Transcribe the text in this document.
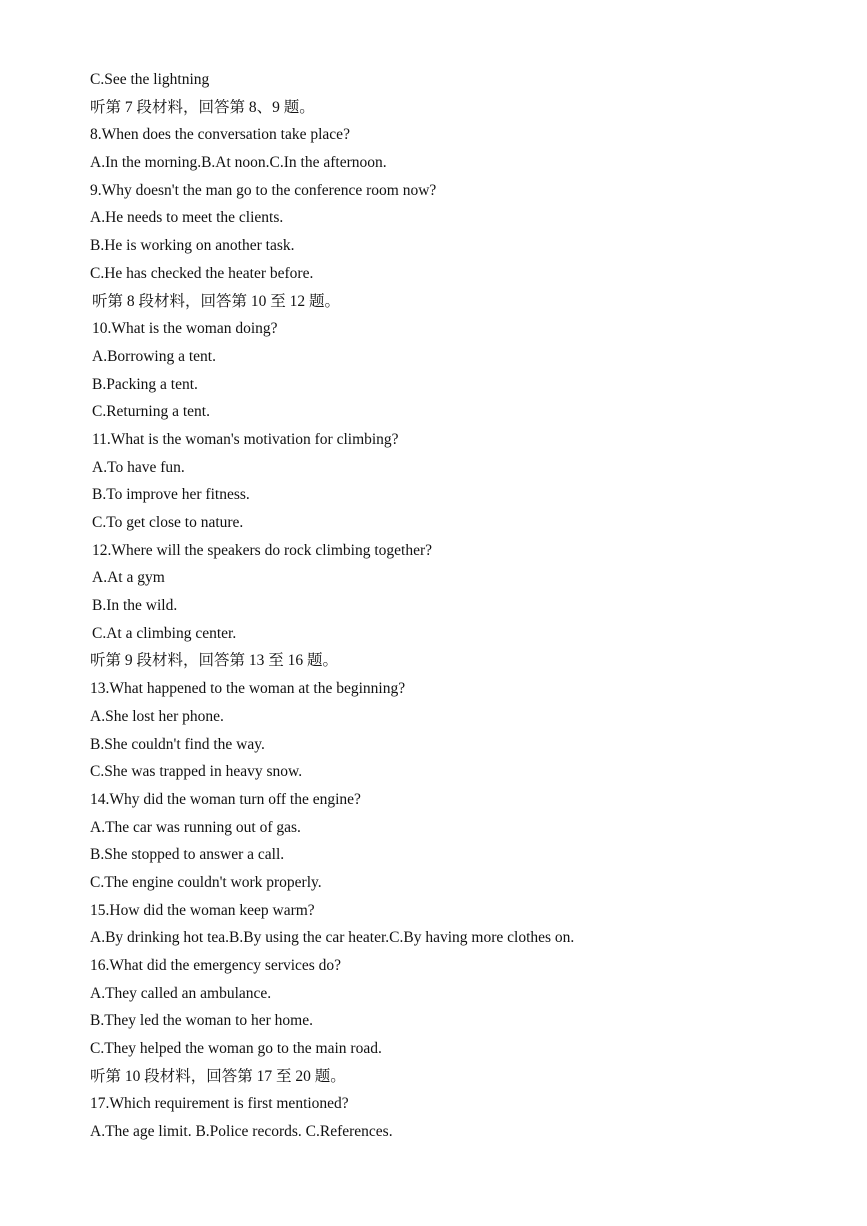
C.See the lightning
听第 7 段材料，回答第 8、9 题。
8.When does the conversation take place?
A.In the morning.B.At noon.C.In the afternoon.
9.Why doesn't the man go to the conference room now?
A.He needs to meet the clients.
B.He is working on another task.
C.He has checked the heater before.
听第 8 段材料，回答第 10 至 12 题。
10.What is the woman doing?
A.Borrowing a tent.
B.Packing a tent.
C.Returning a tent.
11.What is the woman's motivation for climbing?
A.To have fun.
B.To improve her fitness.
C.To get close to nature.
12.Where will the speakers do rock climbing together?
A.At a gym
B.In the wild.
C.At a climbing center.
听第 9 段材料，回答第 13 至 16 题。
13.What happened to the woman at the beginning?
A.She lost her phone.
B.She couldn't find the way.
C.She was trapped in heavy snow.
14.Why did the woman turn off the engine?
A.The car was running out of gas.
B.She stopped to answer a call.
C.The engine couldn't work properly.
15.How did the woman keep warm?
A.By drinking hot tea.B.By using the car heater.C.By having more clothes on.
16.What did the emergency services do?
A.They called an ambulance.
B.They led the woman to her home.
C.They helped the woman go to the main road.
听第 10 段材料，回答第 17 至 20 题。
17.Which requirement is first mentioned?
A.The age limit. B.Police records. C.References.
